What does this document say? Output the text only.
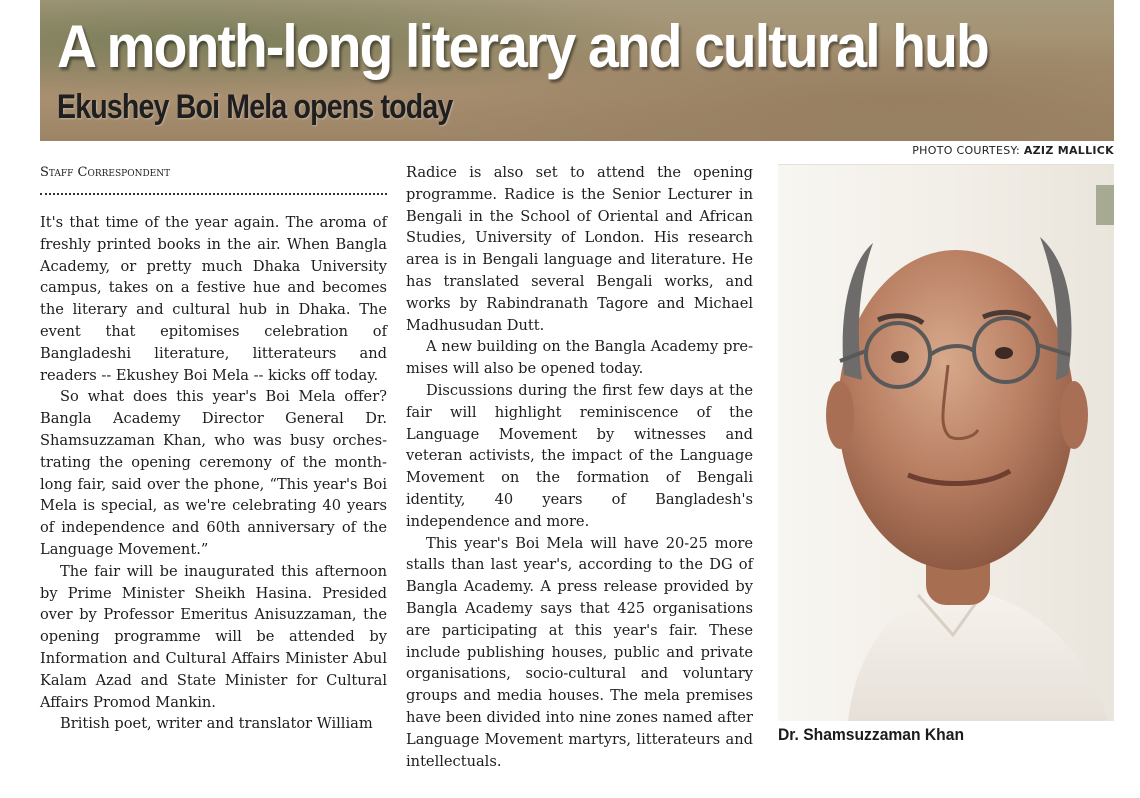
A month-long literary and cultural hub
Ekushey Boi Mela opens today
PHOTO COURTESY: AZIZ MALLICK
Staff Correspondent

It's that time of the year again. The aroma of freshly printed books in the air. When Bangla Academy, or pretty much Dhaka University campus, takes on a festive hue and becomes the literary and cultural hub in Dhaka. The event that epitomises celebration of Bangladeshi literature, litterateurs and readers -- Ekushey Boi Mela -- kicks off today.

So what does this year's Boi Mela offer? Bangla Academy Director General Dr. Shamsuzzaman Khan, who was busy orchestrating the opening ceremony of the month-long fair, said over the phone, “This year's Boi Mela is special, as we're celebrating 40 years of independence and 60th anniversary of the Language Movement.”

The fair will be inaugurated this afternoon by Prime Minister Sheikh Hasina. Presided over by Professor Emeritus Anisuzzaman, the opening programme will be attended by Information and Cultural Affairs Minister Abul Kalam Azad and State Minister for Cultural Affairs Promod Mankin.

British poet, writer and translator William

Radice is also set to attend the opening programme. Radice is the Senior Lecturer in Bengali in the School of Oriental and African Studies, University of London. His research area is in Bengali language and literature. He has translated several Bengali works, and works by Rabindranath Tagore and Michael Madhusudan Dutt.

A new building on the Bangla Academy premises will also be opened today.

Discussions during the first few days at the fair will highlight reminiscence of the Language Movement by witnesses and veteran activists, the impact of the Language Movement on the formation of Bengali identity, 40 years of Bangladesh's independence and more.

This year's Boi Mela will have 20-25 more stalls than last year's, according to the DG of Bangla Academy. A press release provided by Bangla Academy says that 425 organisations are participating at this year's fair. These include publishing houses, public and private organisations, socio-cultural and voluntary groups and media houses. The mela premises have been divided into nine zones named after Language Movement martyrs, litterateurs and intellectuals.

Dr. Shamsuzzaman Khan
